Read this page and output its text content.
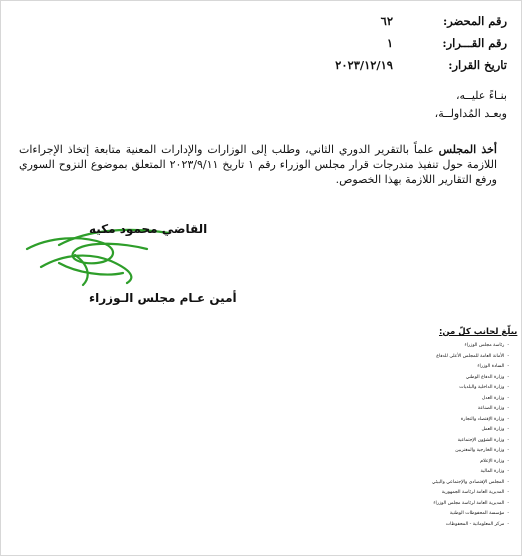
رقم المحضر:
٦٢
رقم القـــرار:
١
تاريخ القرار:
٢٠٢٣/١٢/١٩
بنـاءً عليــه،
وبعـد المُداولــة،
أخذ المجلس علماً بالتقرير الدوري الثاني، وطلب إلى الوزارات والإدارات المعنية متابعة إتخاذ الإجراءات اللازمة حول تنفيذ مندرجات قرار مجلس الوزراء رقم ١ تاريخ ٢٠٢٣/٩/١١ المتعلق بموضوع النزوح السوري ورفع التقارير اللازمة بهذا الخصوص.
القاضي محمود مكيه
أمين عـام مجلس الـوزراء
يبلّغ لجانب كلّ من:
-رئاسة مجلس الوزراء
-الأمانة العامة للمجلس الأعلى للدفاع
-السادة الوزراء
-وزارة الدفاع الوطني
-وزارة الداخلية والبلديات
-وزارة العدل
-وزارة الصناعة
-وزارة الإقتصاد والتجارة
-وزارة العمل
-وزارة الشؤون الإجتماعية
-وزارة الخارجية والمغتربين
-وزارة الإعلام
-وزارة المالية
-المجلس الإقتصادي والإجتماعي والبيئي
-المديرية العامة لرئاسة الجمهورية
-المديرية العامة لرئاسة مجلس الوزراء
-مؤسسة المحفوظات الوطنية
-مركز المعلوماتية - المحفوظات
